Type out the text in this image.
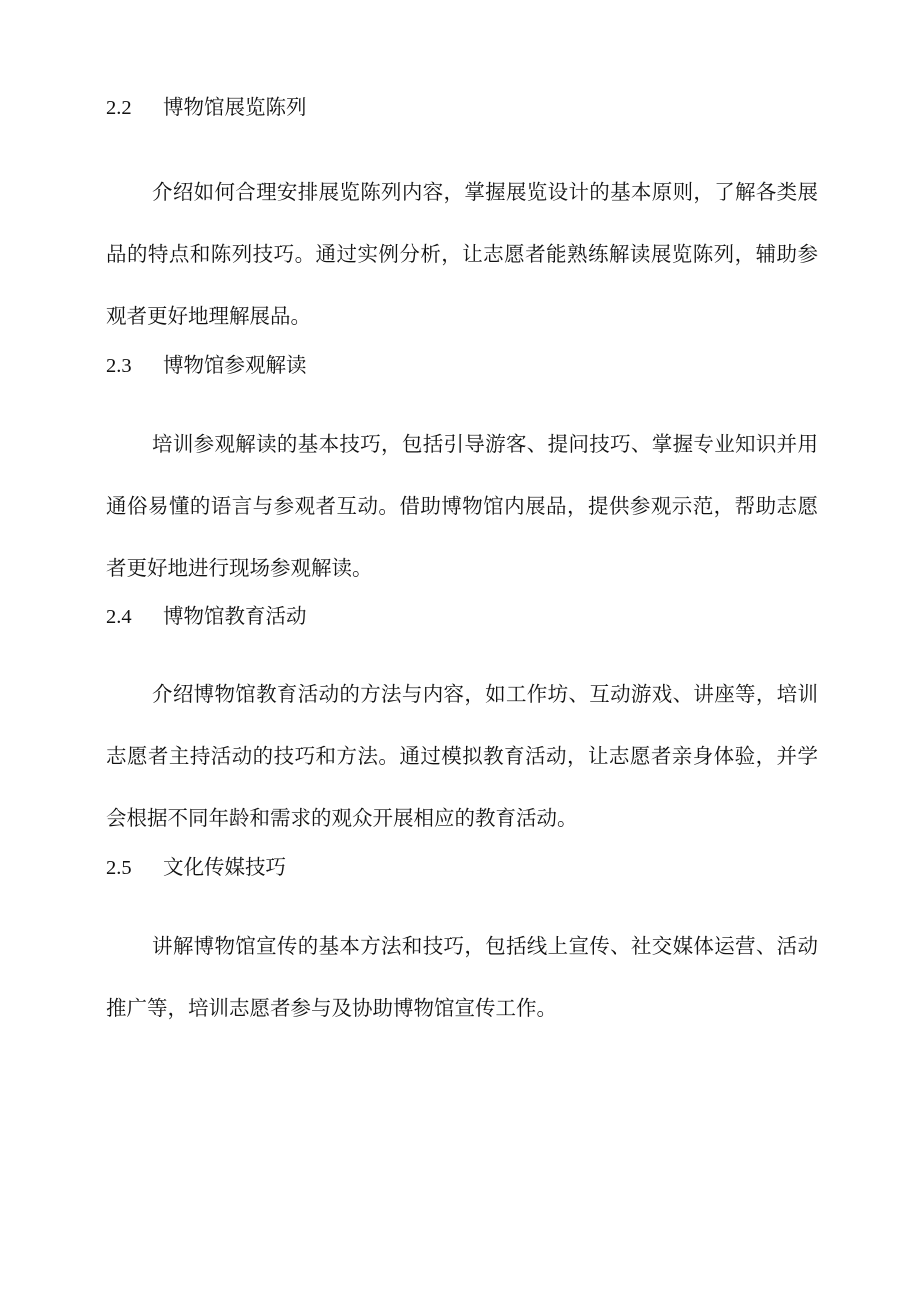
2.2 博物馆展览陈列
介绍如何合理安排展览陈列内容，掌握展览设计的基本原则，了解各类展品的特点和陈列技巧。通过实例分析，让志愿者能熟练解读展览陈列，辅助参观者更好地理解展品。
2.3 博物馆参观解读
培训参观解读的基本技巧，包括引导游客、提问技巧、掌握专业知识并用通俗易懂的语言与参观者互动。借助博物馆内展品，提供参观示范，帮助志愿者更好地进行现场参观解读。
2.4 博物馆教育活动
介绍博物馆教育活动的方法与内容，如工作坊、互动游戏、讲座等，培训志愿者主持活动的技巧和方法。通过模拟教育活动，让志愿者亲身体验，并学会根据不同年龄和需求的观众开展相应的教育活动。
2.5 文化传媒技巧
讲解博物馆宣传的基本方法和技巧，包括线上宣传、社交媒体运营、活动推广等，培训志愿者参与及协助博物馆宣传工作。
